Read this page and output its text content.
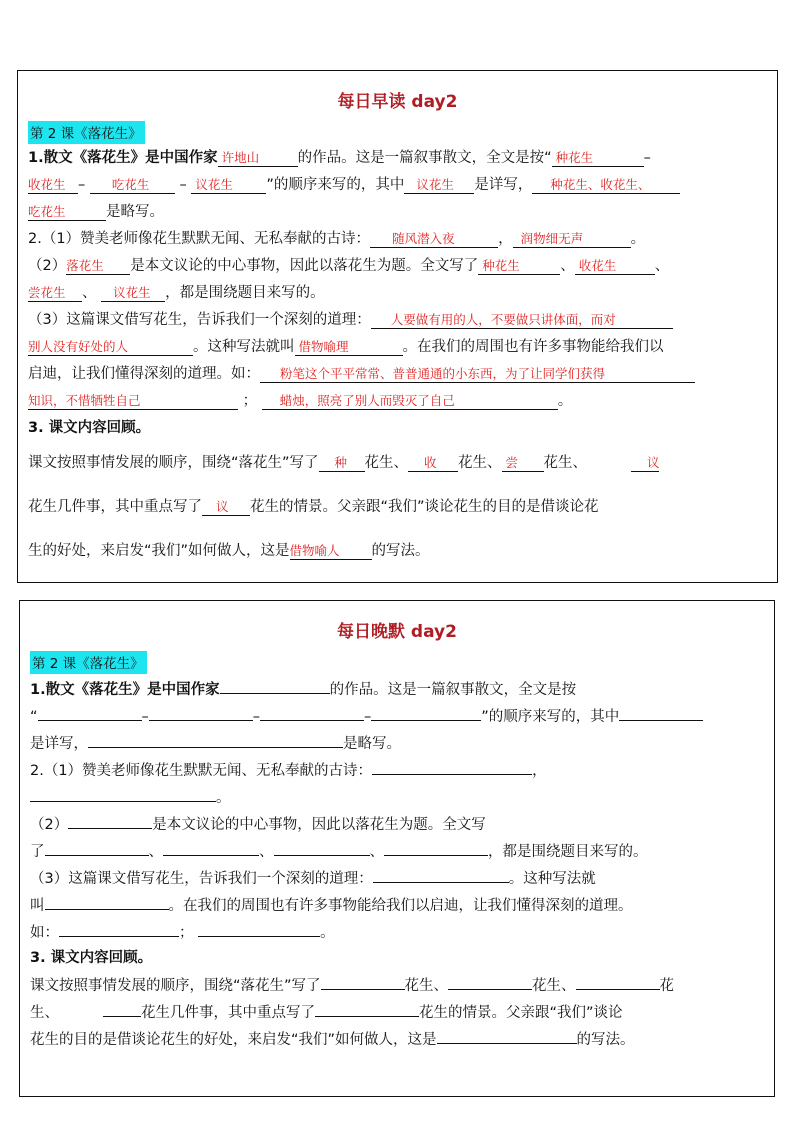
每日早读 day2
第 2 课《落花生》
1.散文《落花生》是中国作家 许地山	的作品。这是一篇叙事散文，全文是按“ 种花生	–
收花生 – 吃花生 – 议花生 ”的顺序来写的，其中 议花生 是详写， 种花生、收花生、
吃花生	是略写。
2.（1）赞美老师像花生默默无闻、无私奉献的古诗： 随风潜入夜	， 润物细无声	。
（2）落花生 是本文议论的中心事物，因此以落花生为题。全文写了 种花生	、 收花生	、
尝花生 、 议花生 ，都是围绕题目来写的。
（3）这篇课文借写花生，告诉我们一个深刻的道理： 人要做有用的人，不要做只讲体面，而对
别人没有好处的人	。这种写法就叫 借物喻理	。在我们的周围也有许多事物能给我们以
启迪，让我们懂得深刻的道理。如： 粉笔这个平平常常、普普通通的小东西，为了让同学们获得
知识，不惜牺牲自己	； 蜡烛，照亮了别人而毁灭了自己	。
3. 课文内容回顾。
课文按照事情发展的顺序，围绕“落花生”写了 种 花生、 收 花生、 尝 花生、	议
花生几件事，其中重点写了 议 花生的情景。父亲跟“我们”谈论花生的目的是借谈论花
生的好处，来启发“我们”如何做人，这是借物喻人 的写法。
每日晚默 day2
第 2 课《落花生》
1.散文《落花生》是中国作家	的作品。这是一篇叙事散文，全文是按
“	–	–	–	”的顺序来写的，其中
是详写，	是略写。
2.（1）赞美老师像花生默默无闻、无私奉献的古诗：	，
。
（2）	是本文议论的中心事物，因此以落花生为题。全文写
了	、	、	、	，都是围绕题目来写的。
（3）这篇课文借写花生，告诉我们一个深刻的道理：	。这种写法就
叫	。在我们的周围也有许多事物能给我们以启迪，让我们懂得深刻的道理。
如：	；	。
3. 课文内容回顾。
课文按照事情发展的顺序，围绕“落花生”写了	花生、	花生、	花
生、	花生几件事，其中重点写了	花生的情景。父亲跟“我们”谈论
花生的目的是借谈论花生的好处，来启发“我们”如何做人，这是	的写法。
